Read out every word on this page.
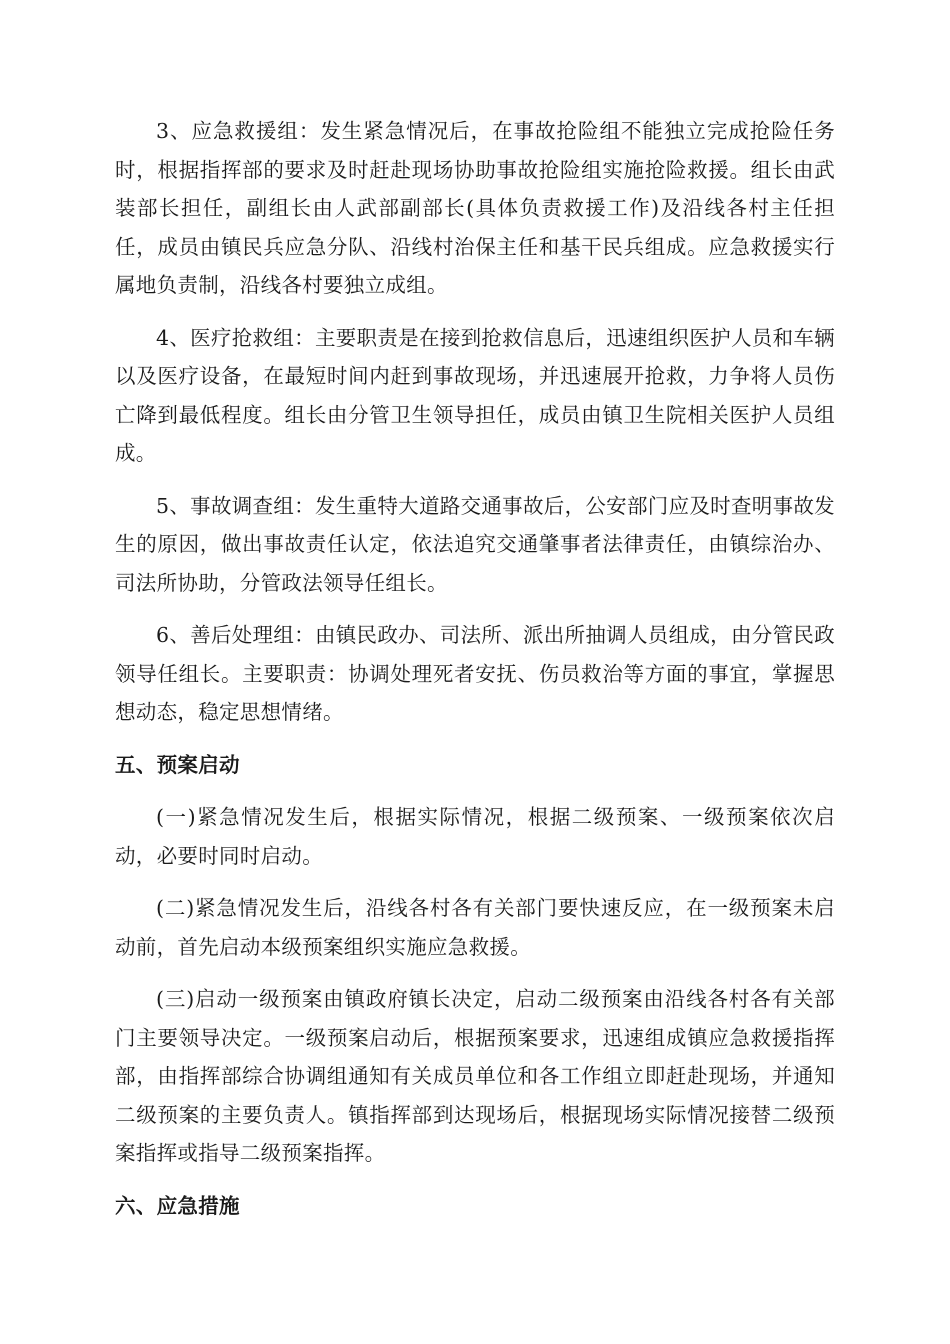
3、应急救援组：发生紧急情况后，在事故抢险组不能独立完成抢险任务时，根据指挥部的要求及时赶赴现场协助事故抢险组实施抢险救援。组长由武装部长担任，副组长由人武部副部长(具体负责救援工作)及沿线各村主任担任，成员由镇民兵应急分队、沿线村治保主任和基干民兵组成。应急救援实行属地负责制，沿线各村要独立成组。

4、医疗抢救组：主要职责是在接到抢救信息后，迅速组织医护人员和车辆以及医疗设备，在最短时间内赶到事故现场，并迅速展开抢救，力争将人员伤亡降到最低程度。组长由分管卫生领导担任，成员由镇卫生院相关医护人员组成。

5、事故调查组：发生重特大道路交通事故后，公安部门应及时查明事故发生的原因，做出事故责任认定，依法追究交通肇事者法律责任，由镇综治办、司法所协助，分管政法领导任组长。

6、善后处理组：由镇民政办、司法所、派出所抽调人员组成，由分管民政领导任组长。主要职责：协调处理死者安抚、伤员救治等方面的事宜，掌握思想动态，稳定思想情绪。

五、预案启动

(一)紧急情况发生后，根据实际情况，根据二级预案、一级预案依次启动，必要时同时启动。

(二)紧急情况发生后，沿线各村各有关部门要快速反应，在一级预案未启动前，首先启动本级预案组织实施应急救援。

(三)启动一级预案由镇政府镇长决定，启动二级预案由沿线各村各有关部门主要领导决定。一级预案启动后，根据预案要求，迅速组成镇应急救援指挥部，由指挥部综合协调组通知有关成员单位和各工作组立即赶赴现场，并通知二级预案的主要负责人。镇指挥部到达现场后，根据现场实际情况接替二级预案指挥或指导二级预案指挥。

六、应急措施
